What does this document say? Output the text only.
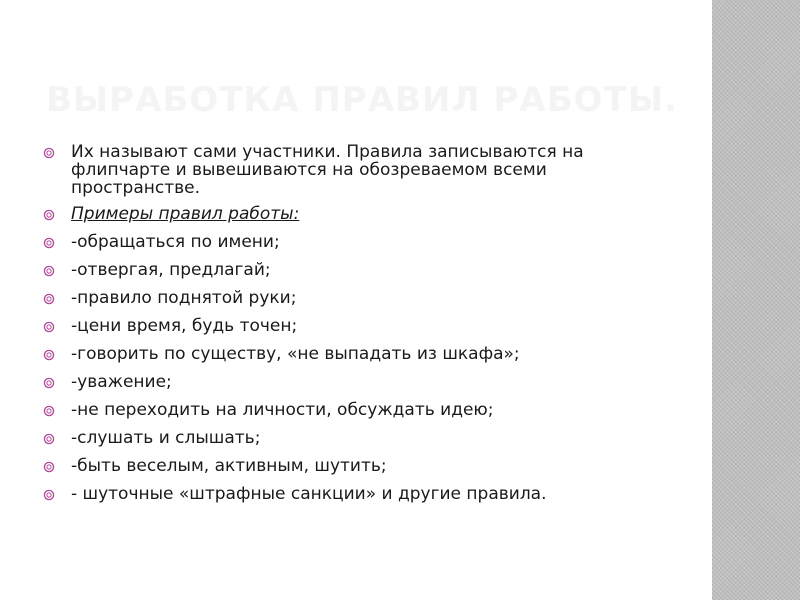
ВЫРАБОТКА ПРАВИЛ РАБОТЫ.
Их называют сами участники. Правила записываются на флипчарте и вывешиваются на обозреваемом всеми пространстве.
Примеры правил работы:
-обращаться по имени;
-отвергая, предлагай;
-правило поднятой руки;
-цени время, будь точен;
-говорить по существу, «не выпадать из шкафа»;
-уважение;
-не переходить на личности, обсуждать идею;
-слушать и слышать;
-быть веселым, активным, шутить;
- шуточные «штрафные санкции» и другие правила.
